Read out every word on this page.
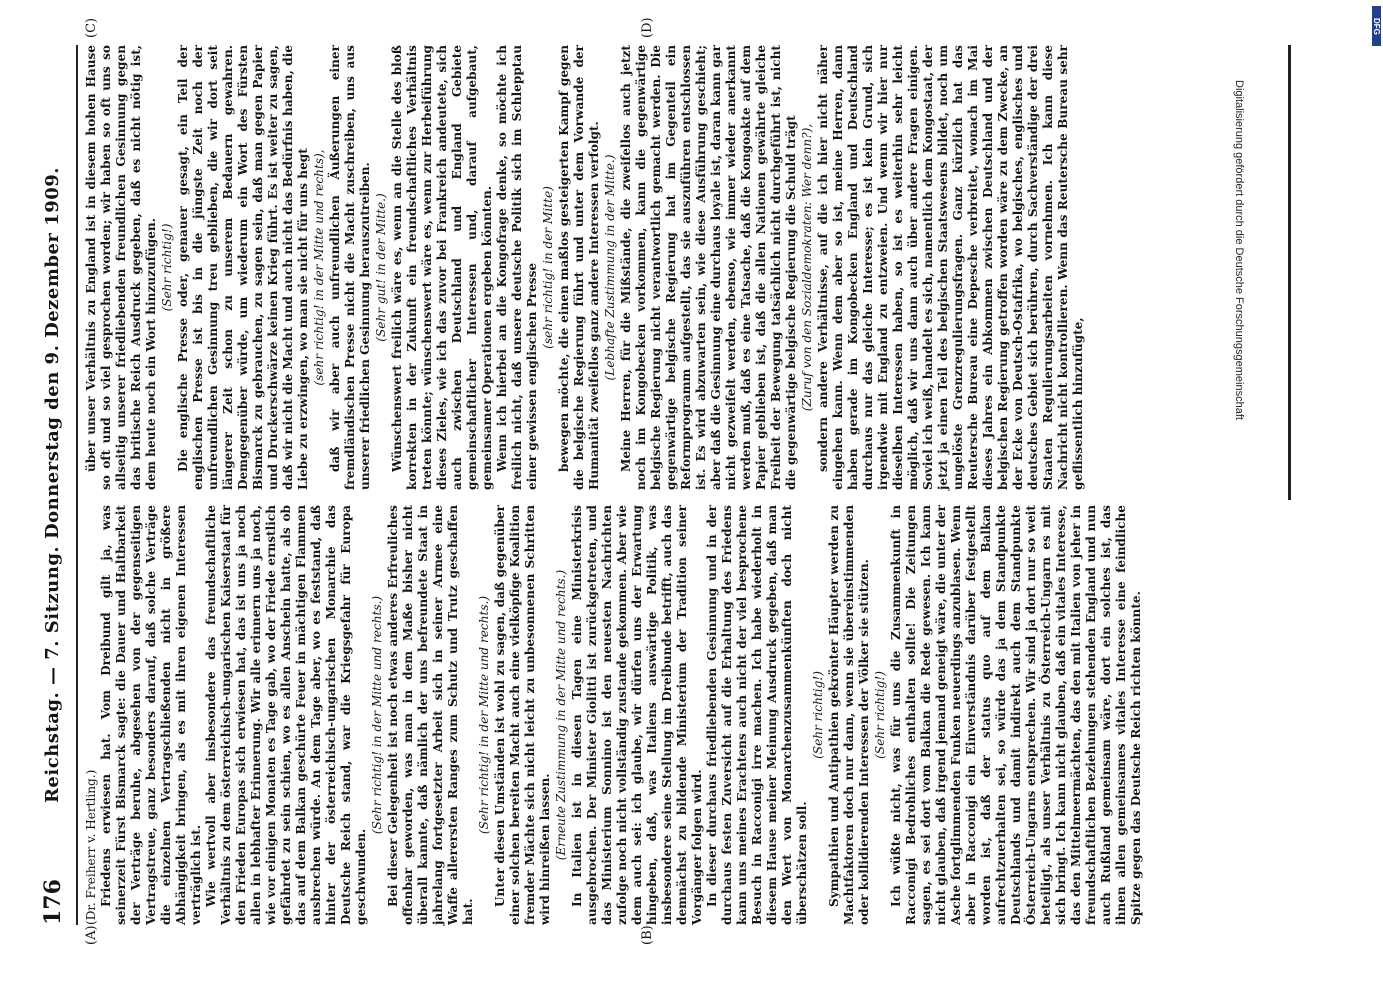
176
Reichstag. — 7. Sitzung. Donnerstag den 9. Dezember 1909.
(A)	(B)
(C)	(D)

(Dr. Freiherr v. Hertling.) Friedens erwiesen hat. Vom Dreibund gilt ja, was seinerzeit Fürst Bismarck sagte: die Dauer und Haltbarkeit der Verträge beruhe, abgesehen von der gegenseitigen Vertragstreue, ganz besonders darauf, daß solche Verträge die einzelnen Vertragschließenden nicht in größere Abhängigkeit bringen, als es mit ihren eigenen Interessen verträglich ist. Wie wertvoll aber insbesondere das freundschaftliche Verhältnis zu dem österreichisch-ungarischen Kaiserstaat für den Frieden Europas sich erwiesen hat, das ist uns ja noch allen in lebhafter Erinnerung. Wir alle erinnern uns ja noch, wie vor einigen Monaten es Tage gab, wo der Friede ernstlich gefährdet zu sein schien, wo es allen Anschein hatte, als ob das auf dem Balkan geschürte Feuer in mächtigen Flammen ausbrechen würde. An dem Tage aber, wo es feststand, daß hinter der österreichisch-ungarischen Monarchie das Deutsche Reich stand, war die Kriegsgefahr für Europa geschwunden.

(Sehr richtig! in der Mitte und rechts.) Bei dieser Gelegenheit ist noch etwas anderes Erfreuliches offenbar geworden, was man in dem Maße bisher nicht überall kannte, daß nämlich der uns befreundete Staat in jahrelang fortgesetzter Arbeit sich in seiner Armee eine Waffe allerersten Ranges zum Schutz und Trutz geschaffen hat.

(Sehr richtig! in der Mitte und rechts.) Unter diesen Umständen ist wohl zu sagen, daß gegenüber einer solchen bereiten Macht auch eine vielköpfige Koalition fremder Mächte sich nicht leicht zu unbesonnenen Schritten wird hinreißen lassen. (Erneute Zustimmung in der Mitte und rechts.) In Italien ist in diesen Tagen eine Ministerkrisis ausgebrochen. Der Minister Giolitti ist zurückgetreten, und das Ministerium Sonnino ist den neuesten Nachrichten zufolge noch nicht vollständig zustande gekommen. Aber wie dem auch sei: ich glaube, wir dürfen uns der Erwartung hingeben, daß, was Italiens auswärtige Politik, was insbesondere seine Stellung im Dreibunde betrifft, auch das demnächst zu bildende Ministerium der Tradition seiner Vorgänger folgen wird. In dieser durchaus friedliebenden Gesinnung und in der durchaus festen Zuversicht auf die Erhaltung des Friedens kann uns meines Erachtens auch nicht der viel besprochene Besuch in Racconigi irre machen. Ich habe wiederholt in diesem Hause meiner Meinung Ausdruck gegeben, daß man den Wert von Monarchenzusammenkünften doch nicht überschätzen soll.

(Sehr richtig!) Sympathien und Antipathien gekrönter Häupter werden zu Machtfaktoren doch nur dann, wenn sie übereinstimmenden oder kollidierenden Interessen der Völker sie stützen. (Sehr richtig!) Ich wüßte nicht, was für uns die Zusammenkunft in Racconigi Bedrohliches enthalten sollte! Die Zeitungen sagen, es sei dort vom Balkan die Rede gewesen. Ich kann nicht glauben, daß irgend jemand geneigt wäre, die unter der Asche fortglimmenden Funken neuerdings anzublasen. Wenn aber in Racconigi ein Einverständnis darüber festgestellt worden ist, daß der status quo auf dem Balkan aufrechtzuerhalten sei, so würde das ja dem Standpunkte Deutschlands und damit indirekt auch dem Standpunkte Österreich-Ungarns entsprechen. Wir sind ja dort nur so weit beteiligt, als unser Verhältnis zu Österreich-Ungarn es mit sich bringt. Ich kann nicht glauben, daß ein vitales Interesse, das den Mittelmeermächten, das den mit Italien von jeher in freundschaftlichen Beziehungen stehenden England und nun auch Rußland gemeinsam wäre, dort ein solches ist, das ihnen allen gemeinsames vitales Interesse eine feindliche Spitze gegen das Deutsche Reich richten könnte.

über unser Verhältnis zu England ist in diesem hohen Hause so oft und so viel gesprochen worden; wir haben so oft uns so allseitig unserer friedliebenden freundlichen Gesinnung gegen das britische Reich Ausdruck gegeben, daß es nicht nötig ist, dem heute noch ein Wort hinzuzufügen. (Sehr richtig!) Die englische Presse oder, genauer gesagt, ein Teil der englischen Presse ist bis in die jüngste Zeit noch der unfreundlichen Gesinnung treu geblieben, die wir dort seit längerer Zeit schon zu unserem Bedauern gewahren. Demgegenüber würde, um wiederum ein Wort des Fürsten Bismarck zu gebrauchen, zu sagen sein, daß man gegen Papier und Druckerschwärze keinen Krieg führt. Es ist weiter zu sagen, daß wir nicht die Macht und auch nicht das Bedürfnis haben, die Liebe zu erzwingen, wo man sie nicht für uns hegt (sehr richtig! in der Mitte und rechts), daß wir aber auch unfreundlichen Äußerungen einer fremdländischen Presse nicht die Macht zuschreiben, uns aus unserer friedlichen Gesinnung herauszutreiben. (Sehr gut! in der Mitte.) Wünschenswert freilich wäre es, wenn an die Stelle des bloß korrekten in der Zukunft ein freundschaftliches Verhältnis treten könnte; wünschenswert wäre es, wenn zur Herbeiführung dieses Zieles, wie ich das zuvor bei Frankreich andeutete, sich auch zwischen Deutschland und England Gebiete gemeinschaftlicher Interessen und, darauf aufgebaut, gemeinsamer Operationen ergeben könnten. Wenn ich hierbei an die Kongofrage denke, so möchte ich freilich nicht, daß unsere deutsche Politik sich im Schlepptau einer gewissen englischen Presse (sehr richtig! in der Mitte) bewegen möchte, die einen maßlos gesteigerten Kampf gegen die belgische Regierung führt und unter dem Vorwande der Humanität zweifellos ganz andere Interessen verfolgt. (Lebhafte Zustimmung in der Mitte.) Meine Herren, für die Mißstände, die zweifellos auch jetzt noch im Kongobecken vorkommen, kann die gegenwärtige belgische Regierung nicht verantwortlich gemacht werden. Die gegenwärtige belgische Regierung hat im Gegenteil ein Reformprogramm aufgestellt, das sie auszuführen entschlossen ist. Es wird abzuwarten sein, wie diese Ausführung geschieht; aber daß die Gesinnung eine durchaus loyale ist, daran kann gar nicht gezweifelt werden, ebenso, wie immer wieder anerkannt werden muß, daß es eine Tatsache, daß die Kongoakte auf dem Papier geblieben ist, daß die allen Nationen gewährte gleiche Freiheit der Bewegung tatsächlich nicht durchgeführt ist, nicht die gegenwärtige belgische Regierung die Schuld trägt (Zuruf von den Sozialdemokraten: Wer denn?), sondern andere Verhältnisse, auf die ich hier nicht näher eingehen kann. Wenn dem aber so ist, meine Herren, dann haben gerade im Kongobecken England und Deutschland durchaus nur das gleiche Interesse; es ist kein Grund, sich irgendwie mit England zu entzweien. Und wenn wir hier nur dieselben Interessen haben, so ist es weiterhin sehr leicht möglich, daß wir uns dann auch über andere Fragen einigen. Soviel ich weiß, handelt es sich, namentlich dem Kongostaat, der jetzt ja einen Teil des belgischen Staatswesens bildet, noch um ungelöste Grenzregulierungsfragen. Ganz kürzlich hat das Reutersche Bureau eine Depesche verbreitet, wonach im Mai dieses Jahres ein Abkommen zwischen Deutschland und der belgischen Regierung getroffen worden wäre zu dem Zwecke, an der Ecke von Deutsch-Ostafrika, wo belgisches, englisches und deutsches Gebiet sich berühren, durch Sachverständige der drei Staaten Regulierungsarbeiten vornehmen. Ich kann diese Nachricht nicht kontrollieren. Wenn das Reutersche Bureau sehr geflissentlich hinzufügte,	Digitalisierung gefördert durch die Deutsche Forschungsgemeinschaft
DFG
